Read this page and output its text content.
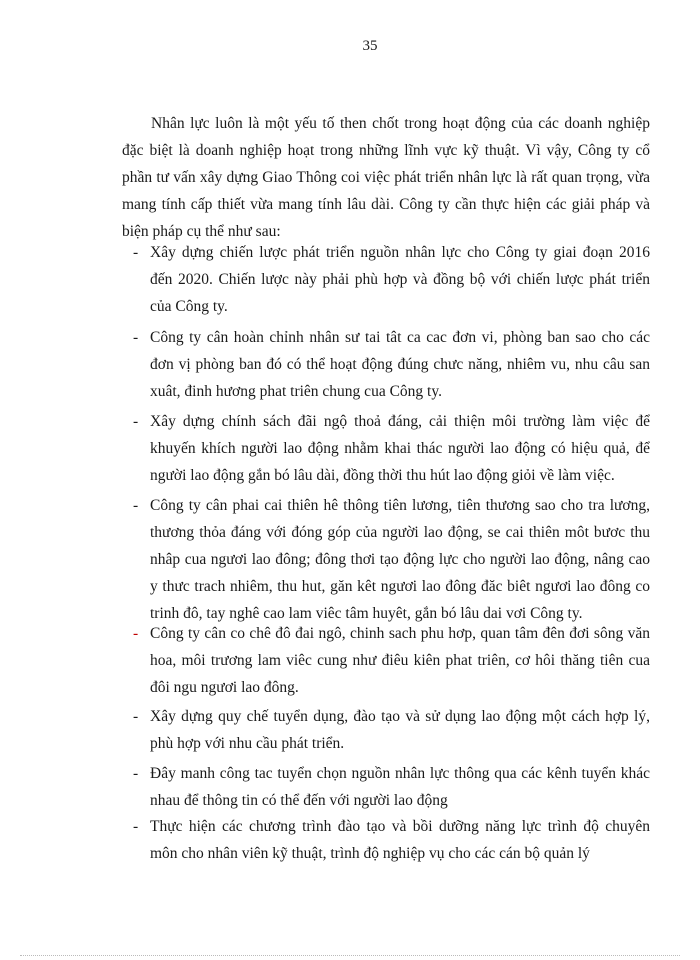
35
Nhân lực luôn là một yếu tố then chốt trong hoạt động của các doanh nghiệp
đặc biệt là doanh nghiệp hoạt trong những lĩnh vực kỹ thuật. Vì vậy, Công ty cổ
phần tư vấn xây dựng Giao Thông coi việc phát triển nhân lực là rất quan trọng, vừa
mang tính cấp thiết vừa mang tính lâu dài. Công ty cần thực hiện các giải pháp và
biện pháp cụ thể như sau:
- Xây dựng chiến lược phát triển nguồn nhân lực cho Công ty giai đoạn 2016
đến 2020. Chiến lược này phải phù hợp và đồng bộ với chiến lược phát triển
của Công ty.
- Công ty cân hoàn chỉnh nhân sư tai tât ca cac đơn vi, phòng ban sao cho các
đơn vị phòng ban đó có thể hoạt động đúng chưc năng, nhiêm vu, nhu câu san
xuât, đinh hương phat triên chung cua Công ty.
- Xây dựng chính sách đãi ngộ thoả đáng, cải thiện môi trường làm việc để
khuyến khích người lao động nhằm khai thác người lao động có hiệu quả, để
người lao động gắn bó lâu dài, đồng thời thu hút lao động giỏi về làm việc.
- Công ty cân phai cai thiên hê thông tiên lương, tiên thương sao cho tra lương,
thương thỏa đáng với đóng góp của người lao động, se cai thiên môt bươc thu
nhâp cua ngươi lao đông; đông thơi tạo động lực cho người lao động, nâng cao
y thưc trach nhiêm, thu hut, găn kêt ngươi lao đông đăc biêt ngươi lao đông co
trinh đô, tay nghê cao lam viêc tâm huyêt, gắn bó lâu dai vơi Công ty.
- Công ty cân co chê đô đai ngô, chinh sach phu hơp, quan tâm đên đơi sông văn
hoa, môi trương lam viêc cung như điêu kiên phat triên, cơ hôi thăng tiên cua
đôi ngu ngươi lao đông.
- Xây dựng quy chế tuyển dụng, đào tạo và sử dụng lao động một cách hợp lý,
phù hợp với nhu cầu phát triển.
- Đây manh công tac tuyển chọn nguồn nhân lực thông qua các kênh tuyển khác
nhau để thông tin có thể đến với người lao động
- Thực hiện các chương trình đào tạo và bồi dưỡng năng lực trình độ chuyên
môn cho nhân viên kỹ thuật, trình độ nghiệp vụ cho các cán bộ quản lý
